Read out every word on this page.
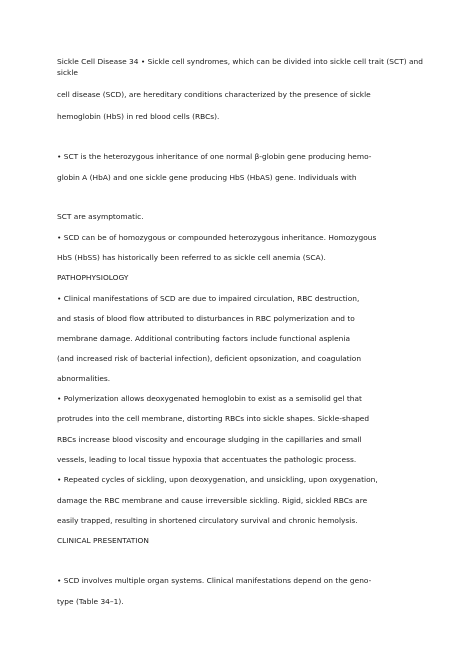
Sickle Cell Disease 34 • Sickle cell syndromes, which can be divided into sickle cell trait (SCT) and
sickle
cell disease (SCD), are hereditary conditions characterized by the presence of sickle
hemoglobin (HbS) in red blood cells (RBCs).
• SCT is the heterozygous inheritance of one normal β-globin gene producing hemo-
globin A (HbA) and one sickle gene producing HbS (HbAS) gene. Individuals with
SCT are asymptomatic.
• SCD can be of homozygous or compounded heterozygous inheritance. Homozygous
HbS (HbSS) has historically been referred to as sickle cell anemia (SCA).
PATHOPHYSIOLOGY
• Clinical manifestations of SCD are due to impaired circulation, RBC destruction,
and stasis of blood flow attributed to disturbances in RBC polymerization and to
membrane damage. Additional contributing factors include functional asplenia
(and increased risk of bacterial infection), deficient opsonization, and coagulation
abnormalities.
• Polymerization allows deoxygenated hemoglobin to exist as a semisolid gel that
protrudes into the cell membrane, distorting RBCs into sickle shapes. Sickle-shaped
RBCs increase blood viscosity and encourage sludging in the capillaries and small
vessels, leading to local tissue hypoxia that accentuates the pathologic process.
• Repeated cycles of sickling, upon deoxygenation, and unsickling, upon oxygenation,
damage the RBC membrane and cause irreversible sickling. Rigid, sickled RBCs are
easily trapped, resulting in shortened circulatory survival and chronic hemolysis.
CLINICAL PRESENTATION
• SCD involves multiple organ systems. Clinical manifestations depend on the geno-
type (Table 34–1).
